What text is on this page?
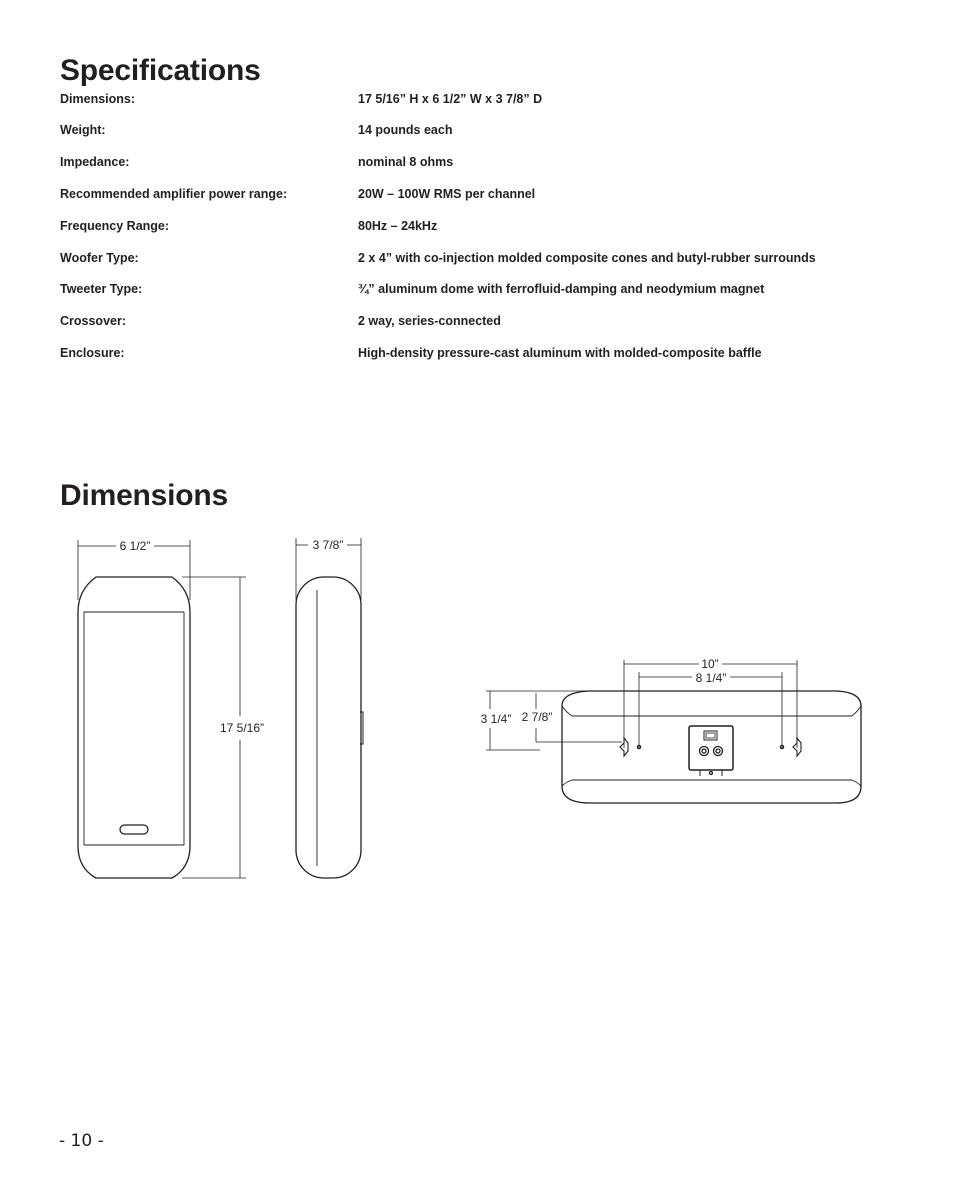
Specifications
Dimensions:	17 5/16” H x 6 1/2” W x 3 7/8” D
Weight:	14 pounds each
Impedance:	nominal 8 ohms
Recommended amplifier power range:	20W – 100W RMS per channel
Frequency Range:	80Hz – 24kHz
Woofer Type:	2 x 4” with co-injection molded composite cones and butyl-rubber surrounds
Tweeter Type:	¾” aluminum dome with ferrofluid-damping and neodymium magnet
Crossover:	2 way, series-connected
Enclosure:	High-density pressure-cast aluminum with molded-composite baffle
Dimensions
6 1/2”
17 5/16”
3 7/8”
10”
8 1/4”
3 1/4” 2 7/8”
- 10 -
